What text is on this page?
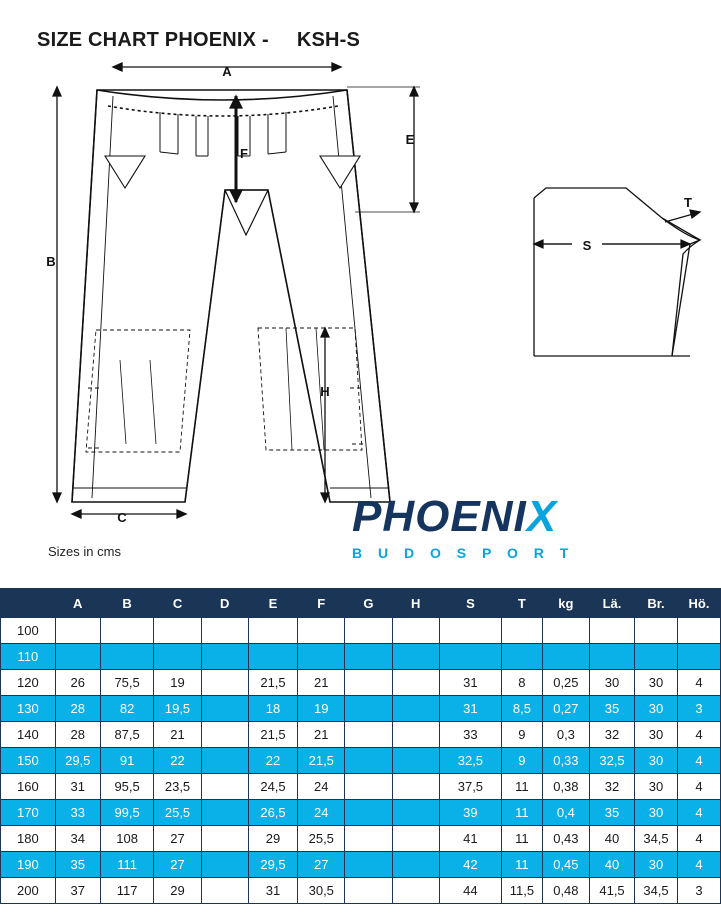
SIZE CHART PHOENIX - KSH-S

A
B
C
E
F
H
S
T
Sizes in cms
PHOENIX
B U D O S P O R T
	A	B	C	D	E	F	G	H	S	T	kg	Lä.	Br.	Hö.
100														
110														
120	26	75,5	19		21,5	21			31	8	0,25	30	30	4
130	28	82	19,5		18	19			31	8,5	0,27	35	30	3
140	28	87,5	21		21,5	21			33	9	0,3	32	30	4
150	29,5	91	22		22	21,5			32,5	9	0,33	32,5	30	4
160	31	95,5	23,5		24,5	24			37,5	11	0,38	32	30	4
170	33	99,5	25,5		26,5	24			39	11	0,4	35	30	4
180	34	108	27		29	25,5			41	11	0,43	40	34,5	4
190	35	111	27		29,5	27			42	11	0,45	40	30	4
200	37	117	29		31	30,5			44	11,5	0,48	41,5	34,5	3
